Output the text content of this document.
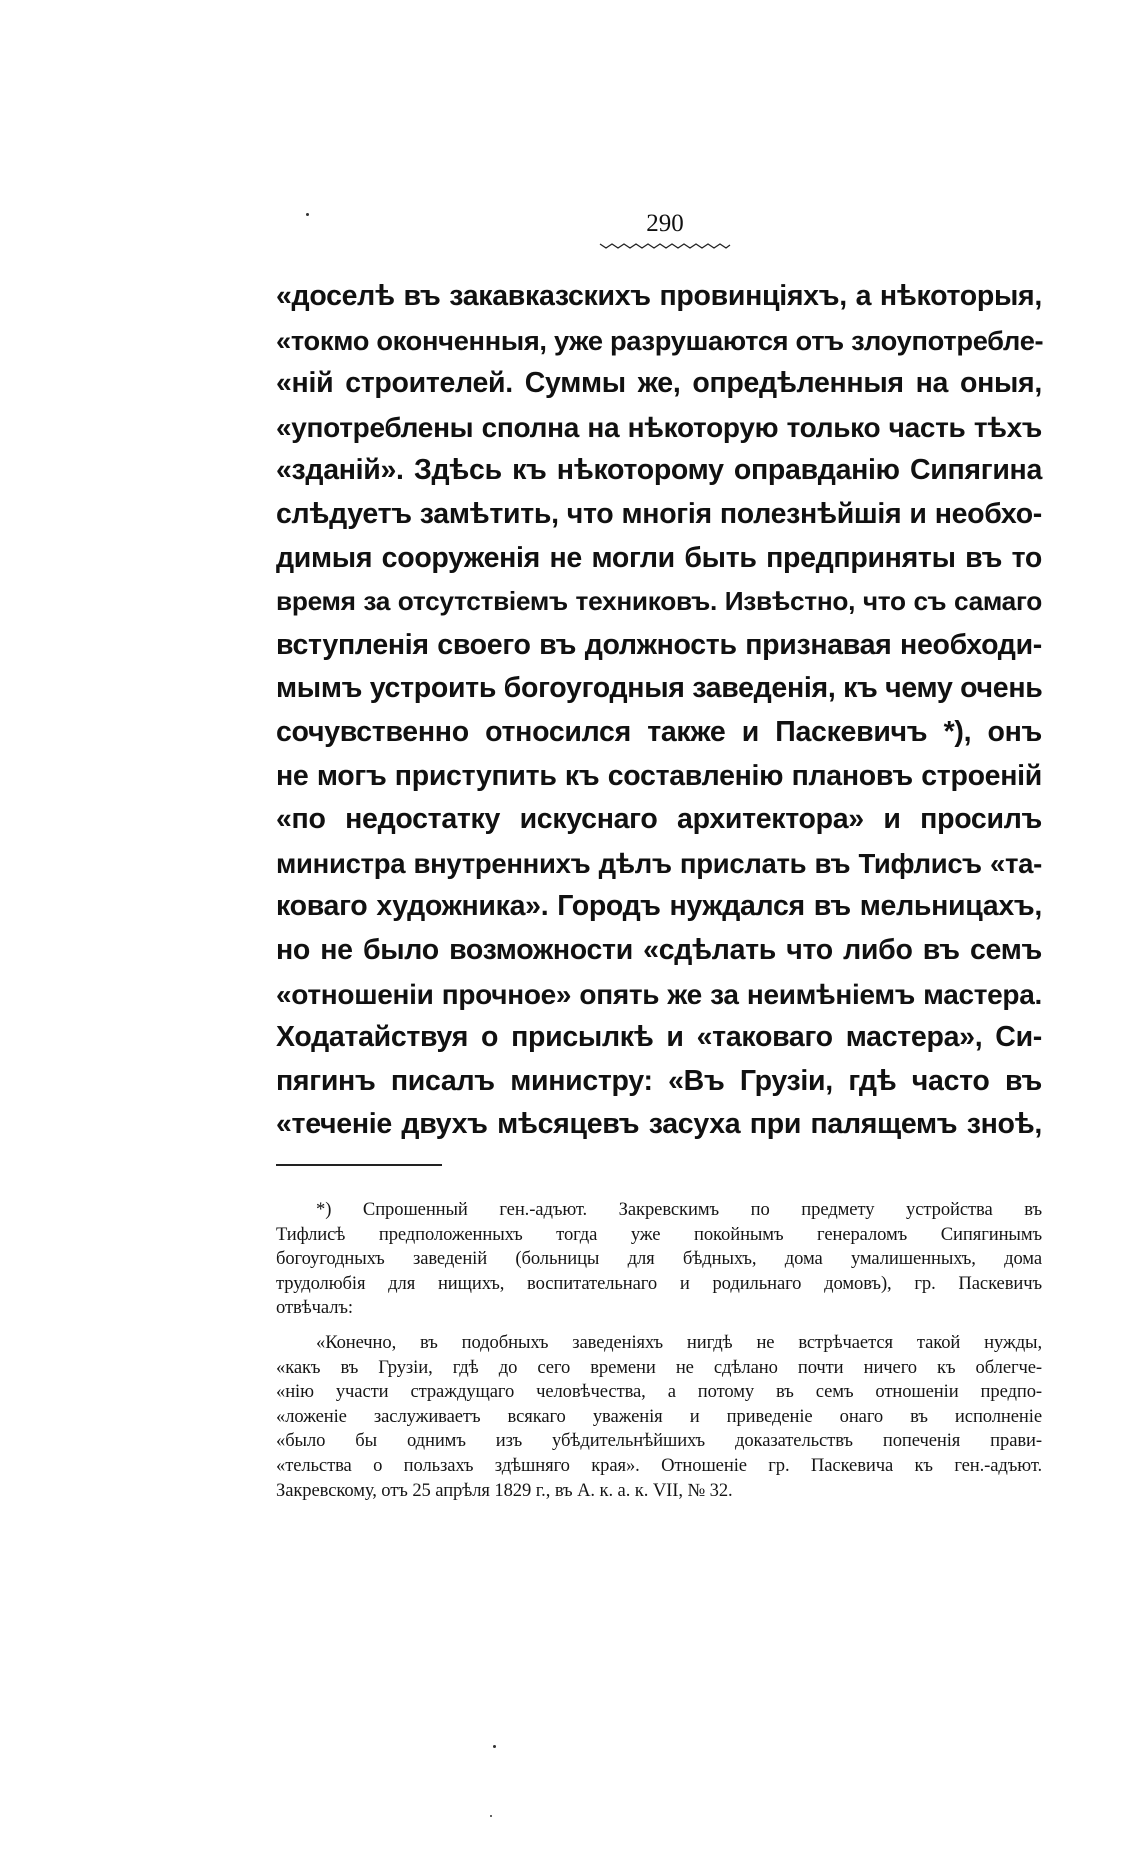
290
«доселѣ въ закавказскихъ провинціяхъ, а нѣкоторыя,
«токмо оконченныя, уже разрушаются отъ злоупотребле-
«ній строителей. Суммы же, опредѣленныя на оныя,
«употреблены сполна на нѣкоторую только часть тѣхъ
«зданій». Здѣсь къ нѣкоторому оправданію Сипягина
слѣдуетъ замѣтить, что многія полезнѣйшія и необхо-
димыя сооруженія не могли быть предприняты въ то
время за отсутствіемъ техниковъ. Извѣстно, что съ самаго
вступленія своего въ должность признавая необходи-
мымъ устроить богоугодныя заведенія, къ чему очень
сочувственно относился также и Паскевичъ *), онъ
не могъ приступить къ составленію плановъ строеній
«по недостатку искуснаго архитектора» и просилъ
министра внутреннихъ дѣлъ прислать въ Тифлисъ «та-
коваго художника». Городъ нуждался въ мельницахъ,
но не было возможности «сдѣлать что либо въ семъ
«отношеніи прочное» опять же за неимѣніемъ мастера.
Ходатайствуя о присылкѣ и «таковаго мастера», Си-
пягинъ писалъ министру: «Въ Грузіи, гдѣ часто въ
«теченіе двухъ мѣсяцевъ засуха при палящемъ зноѣ,
*) Спрошенный ген.-адъют. Закревскимъ по предмету устройства въ
Тифлисѣ предположенныхъ тогда уже покойнымъ генераломъ Сипягинымъ
богоугодныхъ заведеній (больницы для бѣдныхъ, дома умалишенныхъ, дома
трудолюбія для нищихъ, воспитательнаго и родильнаго домовъ), гр. Паскевичъ
отвѣчалъ:
«Конечно, въ подобныхъ заведеніяхъ нигдѣ не встрѣчается такой нужды,
«какъ въ Грузіи, гдѣ до сего времени не сдѣлано почти ничего къ облегче-
«нію участи страждущаго человѣчества, а потому въ семъ отношеніи предпо-
«ложеніе заслуживаетъ всякаго уваженія и приведеніе онаго въ исполненіе
«было бы однимъ изъ убѣдительнѣйшихъ доказательствъ попеченія прави-
«тельства о пользахъ здѣшняго края». Отношеніе гр. Паскевича къ ген.-адъют.
Закревскому, отъ 25 апрѣля 1829 г., въ А. к. а. к. VII, № 32.
